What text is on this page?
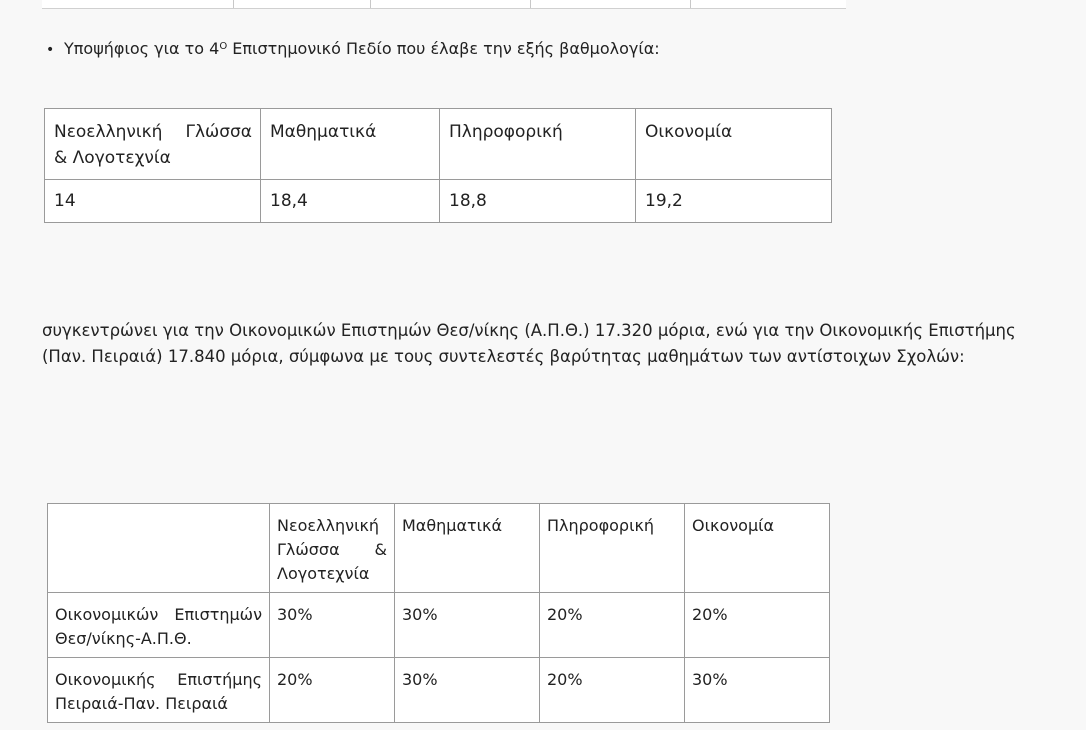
• Υποψήφιος για το $4^O$ Επιστημονικό Πεδίο που έλαβε την εξής βαθμολογία:
Νεοελληνική Γλώσσα
& Λογοτεχνία	Μαθηματικά	Πληροφορική	Οικονομία
14	18,4	18,8	19,2
συγκεντρώνει για την Οικονομικών Επιστημών Θεσ/νίκης (Α.Π.Θ.) 17.320 μόρια, ενώ για την Οικονομικής Επιστήμης (Παν. Πειραιά) 17.840 μόρια, σύμφωνα με τους συντελεστές βαρύτητας μαθημάτων των αντίστοιχων Σχολών:

	Νεοελληνική
Γλώσσα &
Λογοτεχνία	Μαθηματικά	Πληροφορική	Οικονομία

Οικονομικών Επιστημών
Θεσ/νίκης-Α.Π.Θ.	30%	30%	20%	20%

Οικονομικής Επιστήμης
Πειραιά-Παν. Πειραιά	20%	30%	20%	30%
